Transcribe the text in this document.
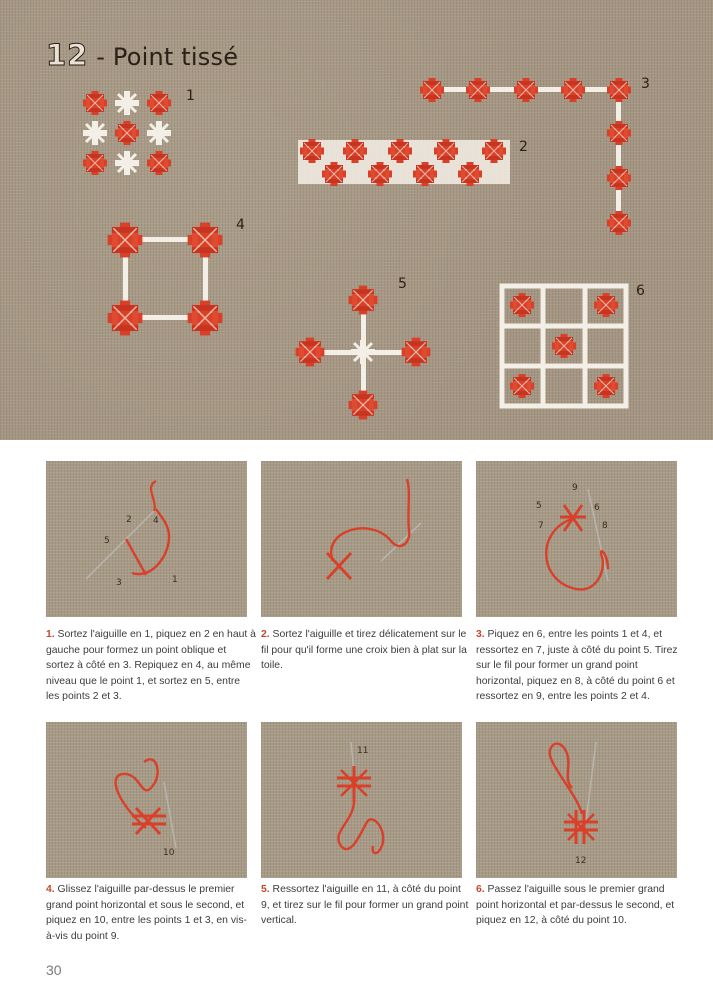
12 - Point tissé
1
2
3
4
5	6
2 4
5
3	1

1. Sortez l'aiguille en 1, piquez en 2 en haut à gauche pour formez un point oblique et sortez à côté en 3. Repiquez en 4, au même niveau que le point 1, et sortez en 5, entre les points 2 et 3.

2. Sortez l'aiguille et tirez délicatement sur le fil pour qu'il forme une croix bien à plat sur la toile.

9
5	6
7	8

3. Piquez en 6, entre les points 1 et 4, et ressortez en 7, juste à côté du point 5. Tirez sur le fil pour former un grand point horizontal, piquez en 8, à côté du point 6 et ressortez en 9, entre les points 2 et 4.

10

4. Glissez l'aiguille par-dessus le premier grand point horizontal et sous le second, et piquez en 10, entre les points 1 et 3, en vis-à-vis du point 9.

11

5. Ressortez l'aiguille en 11, à côté du point 9, et tirez sur le fil pour former un grand point vertical.

12

6. Passez l'aiguille sous le premier grand point horizontal et par-dessus le second, et piquez en 12, à côté du point 10.

30
